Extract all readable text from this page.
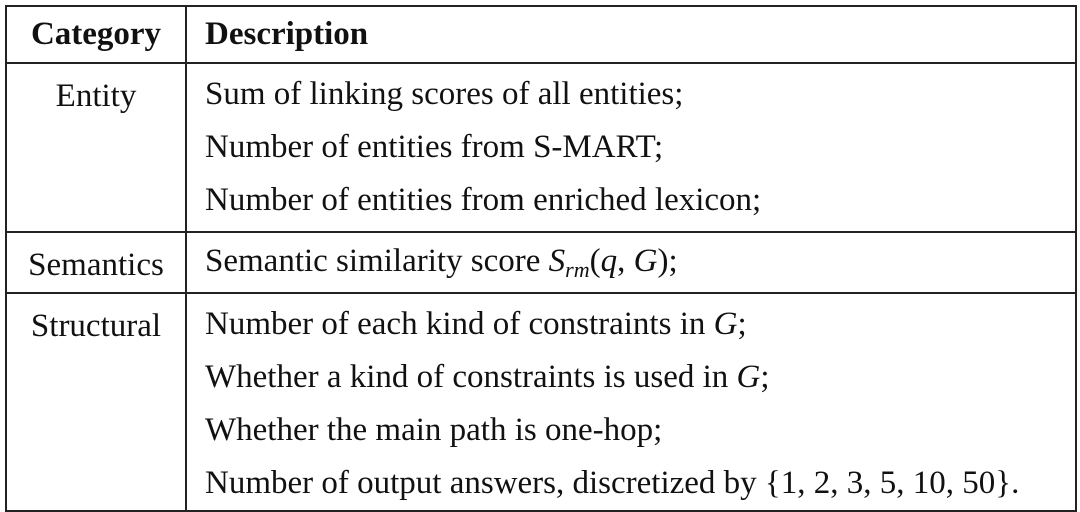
Category	Description
Entity	Sum of linking scores of all entities;
Number of entities from S-MART;
Number of entities from enriched lexicon;

Semantics	Semantic similarity score $S_{rm}(q$, G);

Structural	Number of each kind of constraints in G;
Whether a kind of constraints is used in G;
Whether the main path is one-hop;
Number of output answers, discretized by {1, 2, 3, 5, 10, 50}.
